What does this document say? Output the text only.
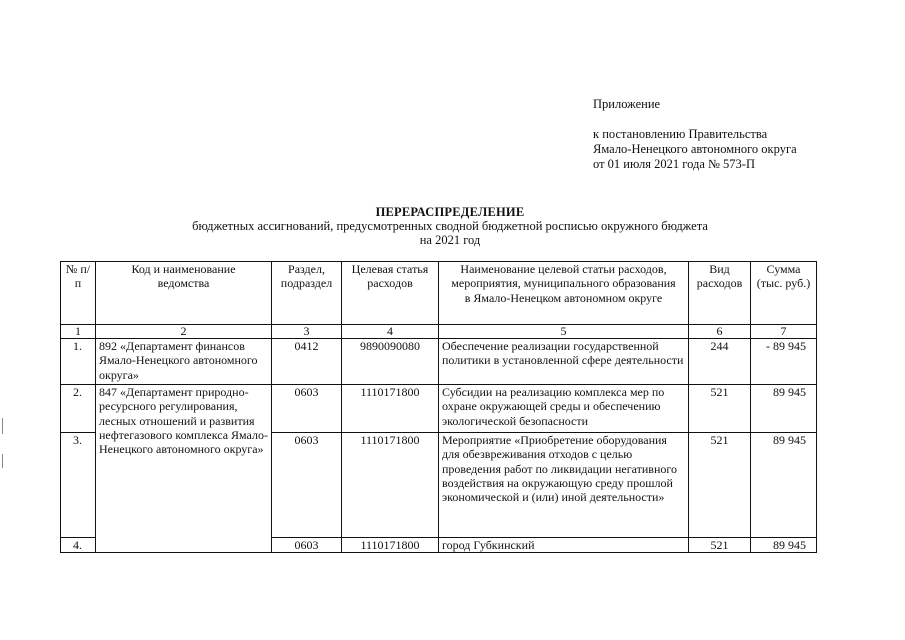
Приложение
к постановлению Правительства
Ямало-Ненецкого автономного округа
от 01 июля 2021 года № 573-П
ПЕРЕРАСПРЕДЕЛЕНИЕ
бюджетных ассигнований, предусмотренных сводной бюджетной росписью окружного бюджета
на 2021 год
№ п/п	Код и наименование ведомства	Раздел, подраздел	Целевая статья расходов	Наименование целевой статьи расходов, мероприятия, муниципального образования в Ямало-Ненецком автономном округе	Вид расходов	Сумма (тыс. руб.)
1	2	3	4	5	6	7
1.	892 «Департамент финансов Ямало-Ненецкого автономного округа»	0412	9890090080	Обеспечение реализации государственной политики в установленной сфере деятельности	244	- 89 945
2.	847 «Департамент природно-ресурсного регулирования, лесных отношений и развития нефтегазового комплекса Ямало-Ненецкого автономного округа»	0603	1110171800	Субсидии на реализацию комплекса мер по охране окружающей среды и обеспечению экологической безопасности	521	89 945
3.		0603	1110171800	Мероприятие «Приобретение оборудования для обезвреживания отходов с целью проведения работ по ликвидации негативного воздействия на окружающую среду прошлой экономической и (или) иной деятельности»	521	89 945
4.		0603	1110171800	город Губкинский	521	89 945
